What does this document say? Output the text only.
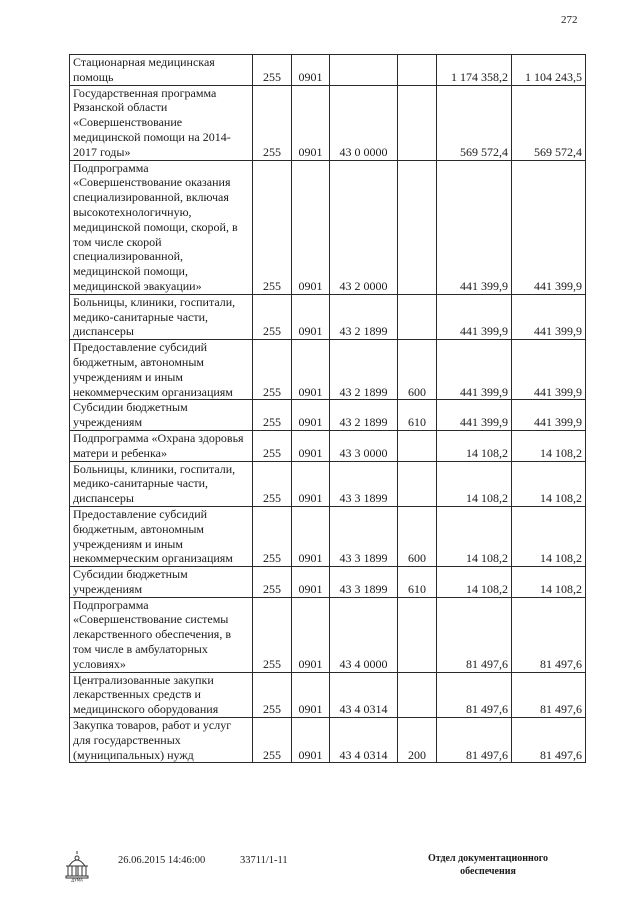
272
Стационарная медицинская помощь	255	0901			1 174 358,2	1 104 243,5
Государственная программа Рязанской области «Совершенствование медицинской помощи на 2014-2017 годы»	255	0901	43 0 0000		569 572,4	569 572,4
Подпрограмма «Совершенствование оказания специализированной, включая высокотехнологичную, медицинской помощи, скорой, в том числе скорой специализированной, медицинской помощи, медицинской эвакуации»	255	0901	43 2 0000		441 399,9	441 399,9
Больницы, клиники, госпитали, медико-санитарные части, диспансеры	255	0901	43 2 1899		441 399,9	441 399,9
Предоставление субсидий бюджетным, автономным учреждениям и иным некоммерческим организациям	255	0901	43 2 1899	600	441 399,9	441 399,9
Субсидии бюджетным учреждениям	255	0901	43 2 1899	610	441 399,9	441 399,9
Подпрограмма «Охрана здоровья матери и ребенка»	255	0901	43 3 0000		14 108,2	14 108,2
Больницы, клиники, госпитали, медико-санитарные части, диспансеры	255	0901	43 3 1899		14 108,2	14 108,2
Предоставление субсидий бюджетным, автономным учреждениям и иным некоммерческим организациям	255	0901	43 3 1899	600	14 108,2	14 108,2
Субсидии бюджетным учреждениям	255	0901	43 3 1899	610	14 108,2	14 108,2
Подпрограмма «Совершенствование системы лекарственного обеспечения, в том числе в амбулаторных условиях»	255	0901	43 4 0000		81 497,6	81 497,6
Централизованные закупки лекарственных средств и медицинского оборудования	255	0901	43 4 0314		81 497,6	81 497,6
Закупка товаров, работ и услуг для государственных (муниципальных) нужд	255	0901	43 4 0314	200	81 497,6	81 497,6
ДУМА
26.06.2015 14:46:00	33711/1-11	Отдел документационного
обеспечения
